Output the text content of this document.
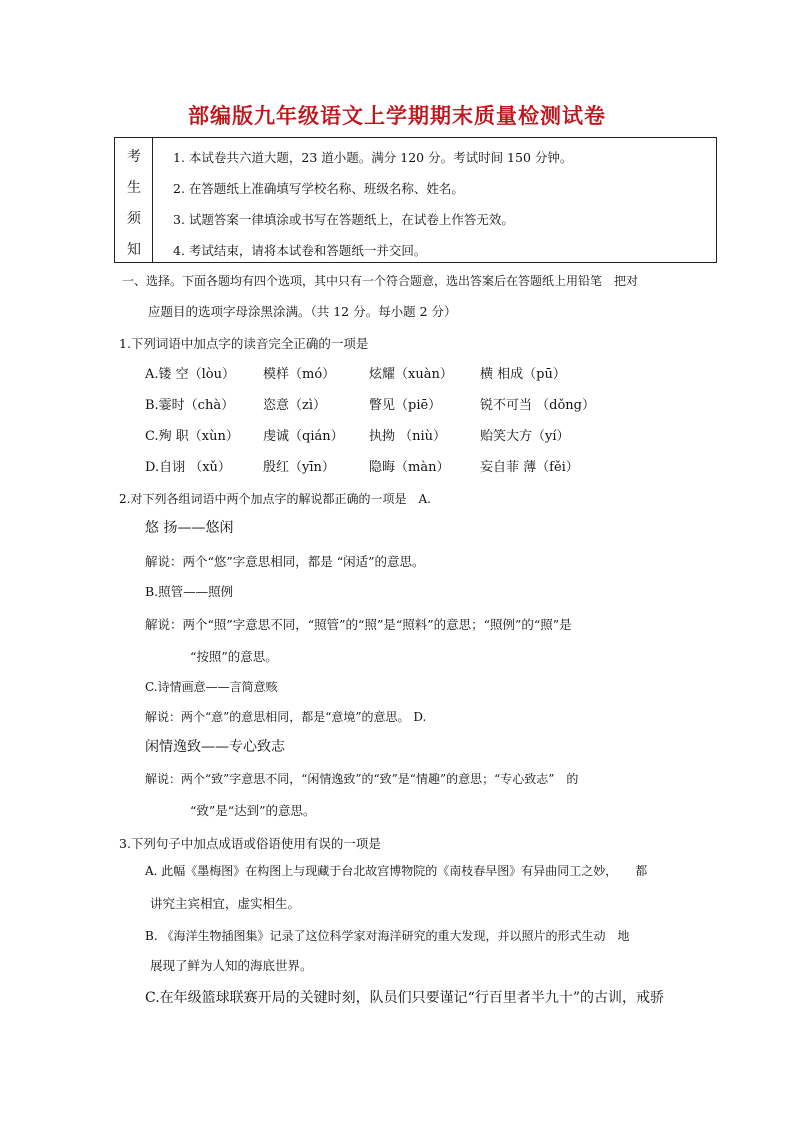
部编版九年级语文上学期期末质量检测试卷
考
生
须
知
1. 本试卷共六道大题，23 道小题。满分 120 分。考试时间 150 分钟。
2. 在答题纸上准确填写学校名称、班级名称、姓名。
3. 试题答案一律填涂或书写在答题纸上，在试卷上作答无效。
4. 考试结束，请将本试卷和答题纸一并交回。
一、选择。下面各题均有四个选项，其中只有一个符合题意，选出答案后在答题纸上用铅笔　把对
应题目的选项字母涂黑涂满。（共 12 分。每小题 2 分）
1.下列词语中加点字的读音完全正确的一项是
A.镂 空（lòu） 模样（mó）	炫耀（xuàn） 横 相成（pū）
B.霎时（chà） 恣意（zì）	瞥见（piē）	锐不可当 （dǒng）
C.殉 职（xùn） 虔诚（qián） 执拗 （niù）	贻笑大方（yí）
D.自诩 （xǔ） 殷红（yīn）	隐晦（màn） 妄自菲 薄（fěi）
2.对下列各组词语中两个加点字的解说都正确的一项是　A.
悠 扬——悠闲
解说：两个“悠”字意思相同，都是 “闲适”的意思。
B.照管——照例
解说：两个“照”字意思不同，“照管”的“照”是“照料”的意思；“照例”的“照”是
“按照”的意思。
C.诗情画意——言简意赅
解说：两个“意”的意思相同，都是“意境”的意思。 D.
闲情逸致——专心致志
解说：两个“致”字意思不同，“闲情逸致”的“致”是“情趣”的意思；“专心致志”　的
“致”是“达到”的意思。
3.下列句子中加点成语或俗语使用有误的一项是
A. 此幅《墨梅图》在构图上与现藏于台北故宫博物院的《南枝春早图》有异曲同工之妙，　　都
讲究主宾相宜，虚实相生。
B. 《海洋生物插图集》记录了这位科学家对海洋研究的重大发现，并以照片的形式生动　地
展现了鲜为人知的海底世界。
C.在年级篮球联赛开局的关键时刻，队员们只要谨记“行百里者半九十”的古训，戒骄
